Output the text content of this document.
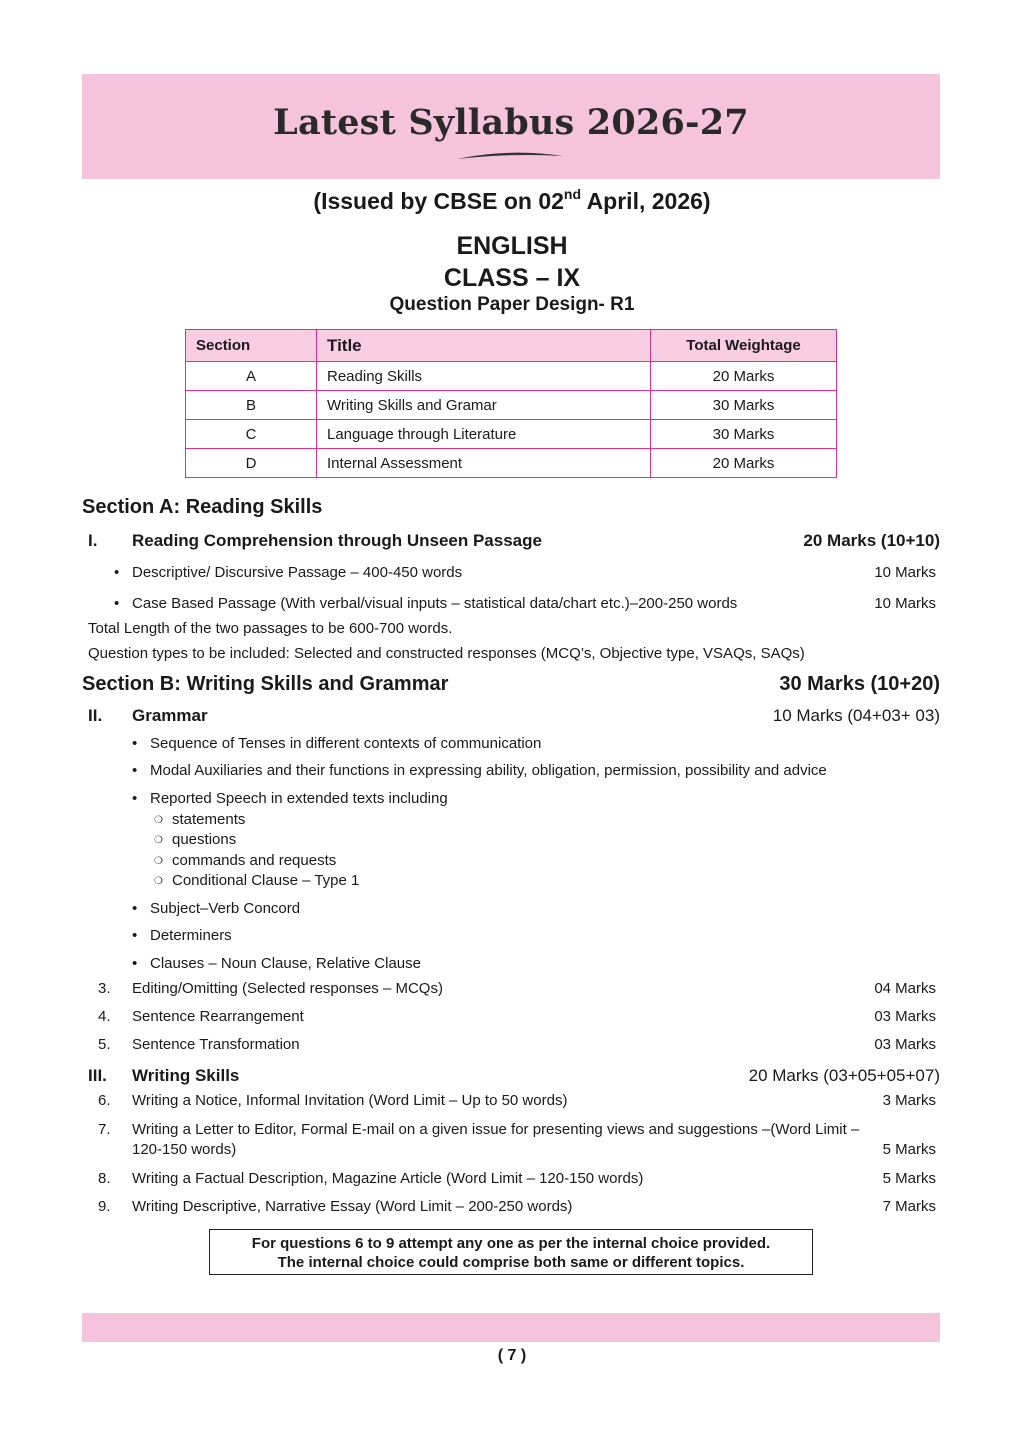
Latest Syllabus 2026-27
(Issued by CBSE on 02nd April, 2026)
ENGLISH
CLASS – IX
Question Paper Design- R1
Section	Title	Total Weightage
A	Reading Skills	20 Marks
B	Writing Skills and Gramar	30 Marks
C	Language through Literature	30 Marks
D	Internal Assessment	20 Marks
Section A: Reading Skills
I. Reading Comprehension through Unseen Passage	20 Marks (10+10)
• Descriptive/ Discursive Passage – 400-450 words	10 Marks
• Case Based Passage (With verbal/visual inputs – statistical data/chart etc.)–200-250 words	10 Marks
Total Length of the two passages to be 600-700 words.
Question types to be included: Selected and constructed responses (MCQ’s, Objective type, VSAQs, SAQs)
Section B: Writing Skills and Grammar	30 Marks (10+20)
II. Grammar	10 Marks (04+03+ 03)
• Sequence of Tenses in different contexts of communication
• Modal Auxiliaries and their functions in expressing ability, obligation, permission, possibility and advice
• Reported Speech in extended texts including
❍ statements
❍ questions
❍ commands and requests
❍ Conditional Clause – Type 1
• Subject–Verb Concord
• Determiners
• Clauses – Noun Clause, Relative Clause
3. Editing/Omitting (Selected responses – MCQs)	04 Marks
4. Sentence Rearrangement	03 Marks
5. Sentence Transformation	03 Marks
III. Writing Skills	20 Marks (03+05+05+07)
6. Writing a Notice, Informal Invitation (Word Limit – Up to 50 words)	3 Marks
7. Writing a Letter to Editor, Formal E-mail on a given issue for presenting views and suggestions –(Word Limit –
120-150 words)	5 Marks
8. Writing a Factual Description, Magazine Article (Word Limit – 120-150 words)	5 Marks
9. Writing Descriptive, Narrative Essay (Word Limit – 200-250 words)	7 Marks
For questions 6 to 9 attempt any one as per the internal choice provided.
The internal choice could comprise both same or different topics.
( 7 )
